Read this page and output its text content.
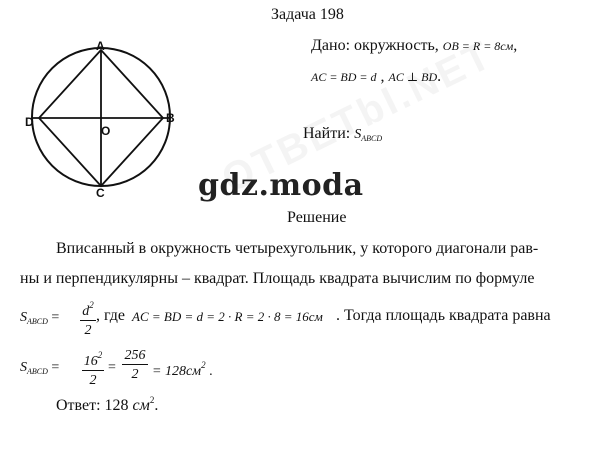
Задача 198
Дано: окружность, OB = R = 8см,
AC = BD = d , AC ⊥ BD.
Найти: $S_{ABCD}$
A
B
C
D
O
gdz.moda
Решение
Вписанный в окружность четырехугольник, у которого диагонали рав-
ны и перпендикулярны – квадрат. Площадь квадрата вычислим по формуле
$S_{ABCD} = d^2$
2
, где AC = BD = d = 2 · R = 2 · 8 = 16см . Тогда площадь квадрата равна
$S_{ABCD} = 16^2$
2
=
256
$2 = 128см^2$ .
Ответ: 128 $см^2$.
